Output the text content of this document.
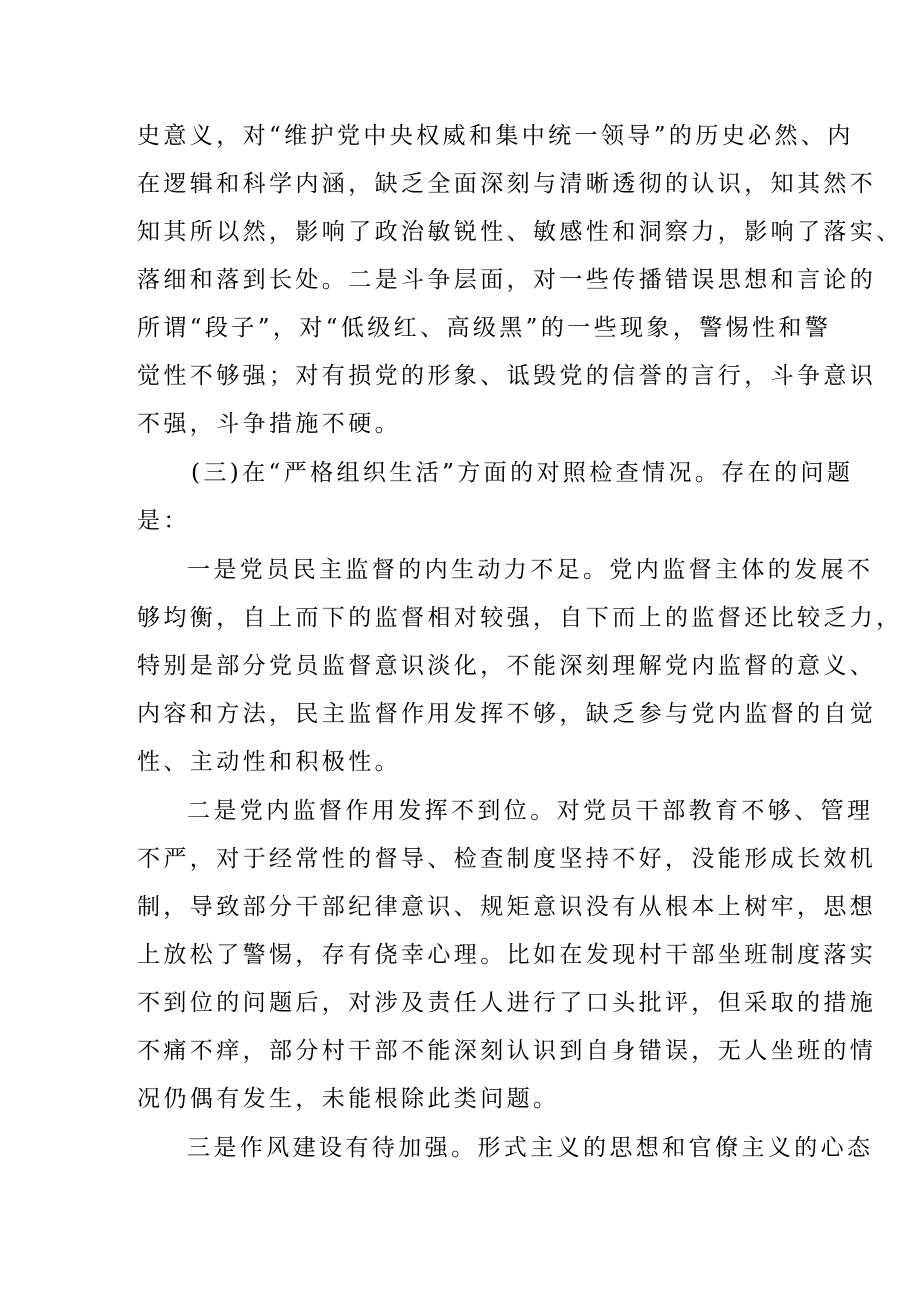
史意义，对“维护党中央权威和集中统一领导”的历史必然、内
在逻辑和科学内涵，缺乏全面深刻与清晰透彻的认识，知其然不
知其所以然，影响了政治敏锐性、敏感性和洞察力，影响了落实、
落细和落到长处。二是斗争层面，对一些传播错误思想和言论的
所谓“段子”，对“低级红、高级黑”的一些现象，警惕性和警
觉性不够强；对有损党的形象、诋毁党的信誉的言行，斗争意识
不强，斗争措施不硬。
(三)在“严格组织生活”方面的对照检查情况。存在的问题
是：
一是党员民主监督的内生动力不足。党内监督主体的发展不
够均衡，自上而下的监督相对较强，自下而上的监督还比较乏力，
特别是部分党员监督意识淡化，不能深刻理解党内监督的意义、
内容和方法，民主监督作用发挥不够，缺乏参与党内监督的自觉
性、主动性和积极性。
二是党内监督作用发挥不到位。对党员干部教育不够、管理
不严，对于经常性的督导、检查制度坚持不好，没能形成长效机
制，导致部分干部纪律意识、规矩意识没有从根本上树牢，思想
上放松了警惕，存有侥幸心理。比如在发现村干部坐班制度落实
不到位的问题后，对涉及责任人进行了口头批评，但采取的措施
不痛不痒，部分村干部不能深刻认识到自身错误，无人坐班的情
况仍偶有发生，未能根除此类问题。
三是作风建设有待加强。形式主义的思想和官僚主义的心态
